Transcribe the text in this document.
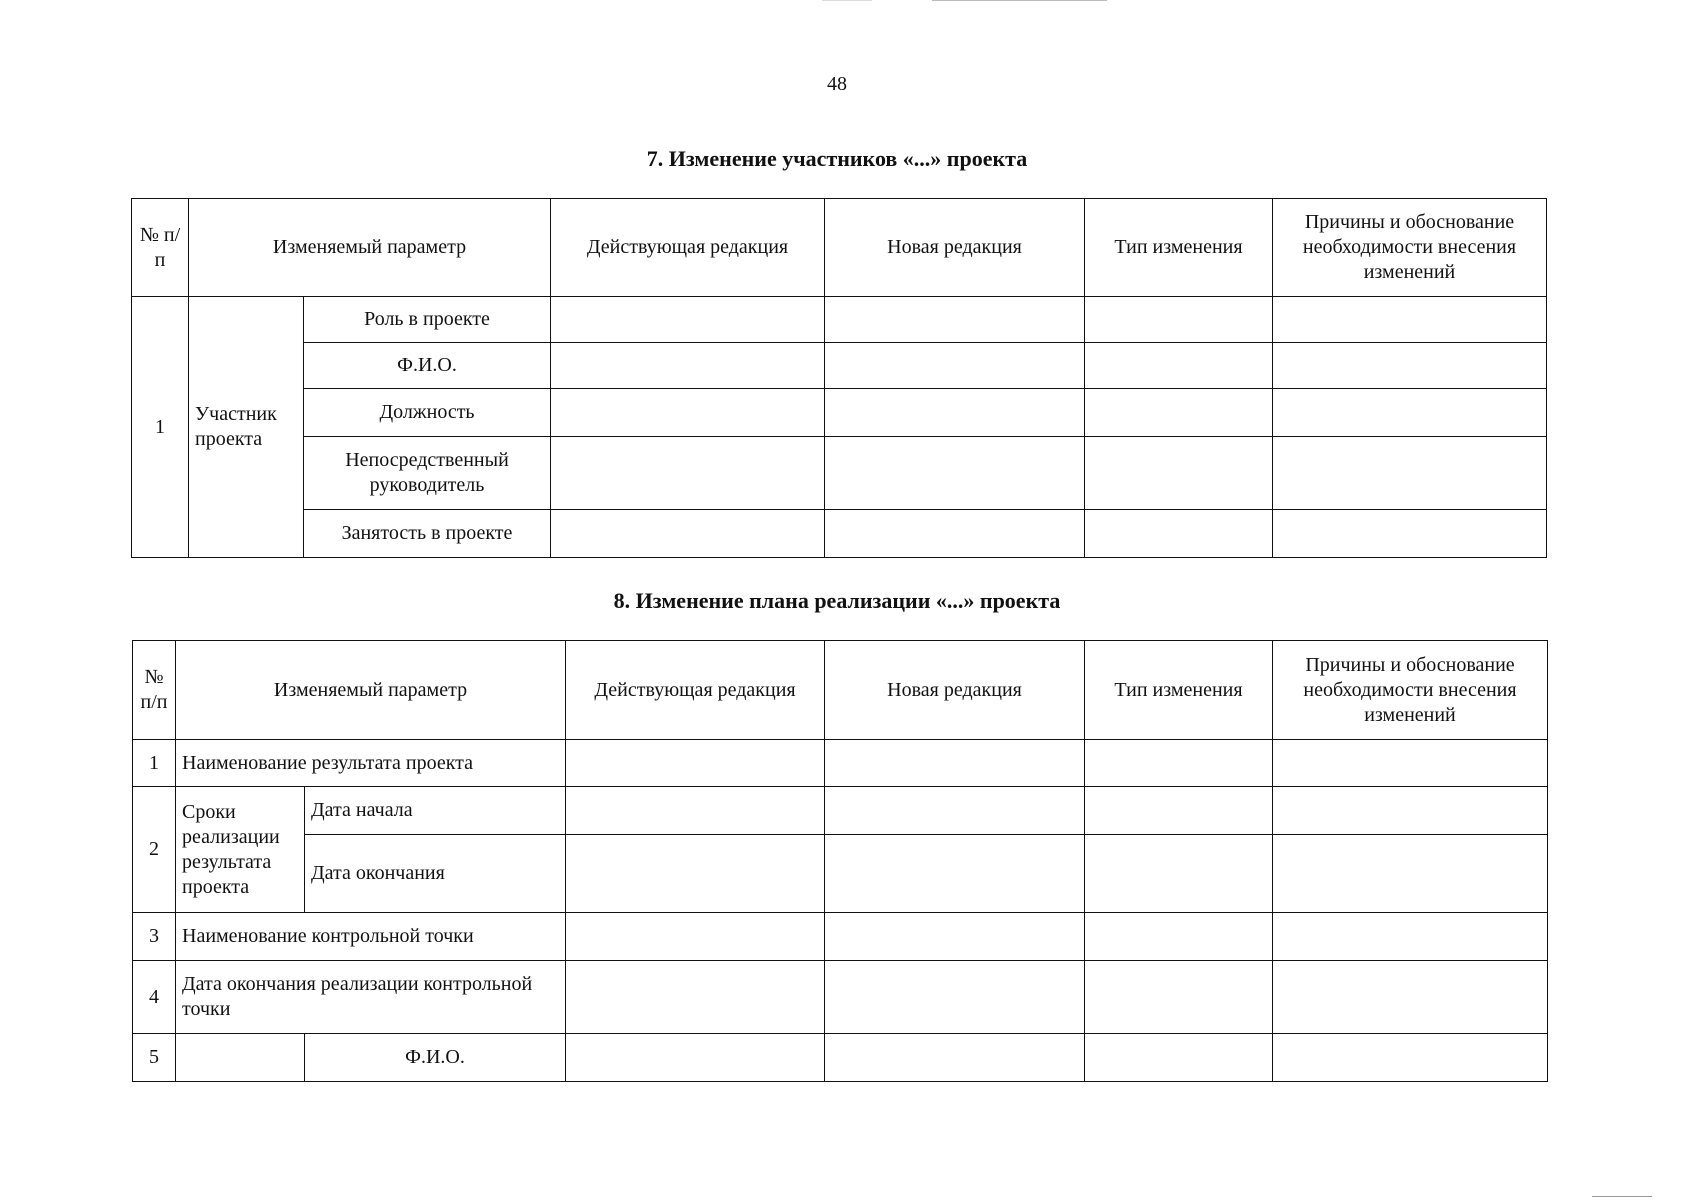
48
7. Изменение участников «...» проекта
№ п/п	Изменяемый параметр		Действующая редакция	Новая редакция	Тип изменения	Причины и обоснование необходимости внесения изменений
1	Участник проекта	Роль в проекте				
		Ф.И.О.				
		Должность				
		Непосредственный руководитель				
		Занятость в проекте				
8. Изменение плана реализации «...» проекта
№ п/п	Изменяемый параметр		Действующая редакция	Новая редакция	Тип изменения	Причины и обоснование необходимости внесения изменений
1	Наименование результата проекта					
2	Сроки реализации результата проекта	Дата начала				
		Дата окончания				
3	Наименование контрольной точки					
4	Дата окончания реализации контрольной точки					
5		Ф.И.О.				
